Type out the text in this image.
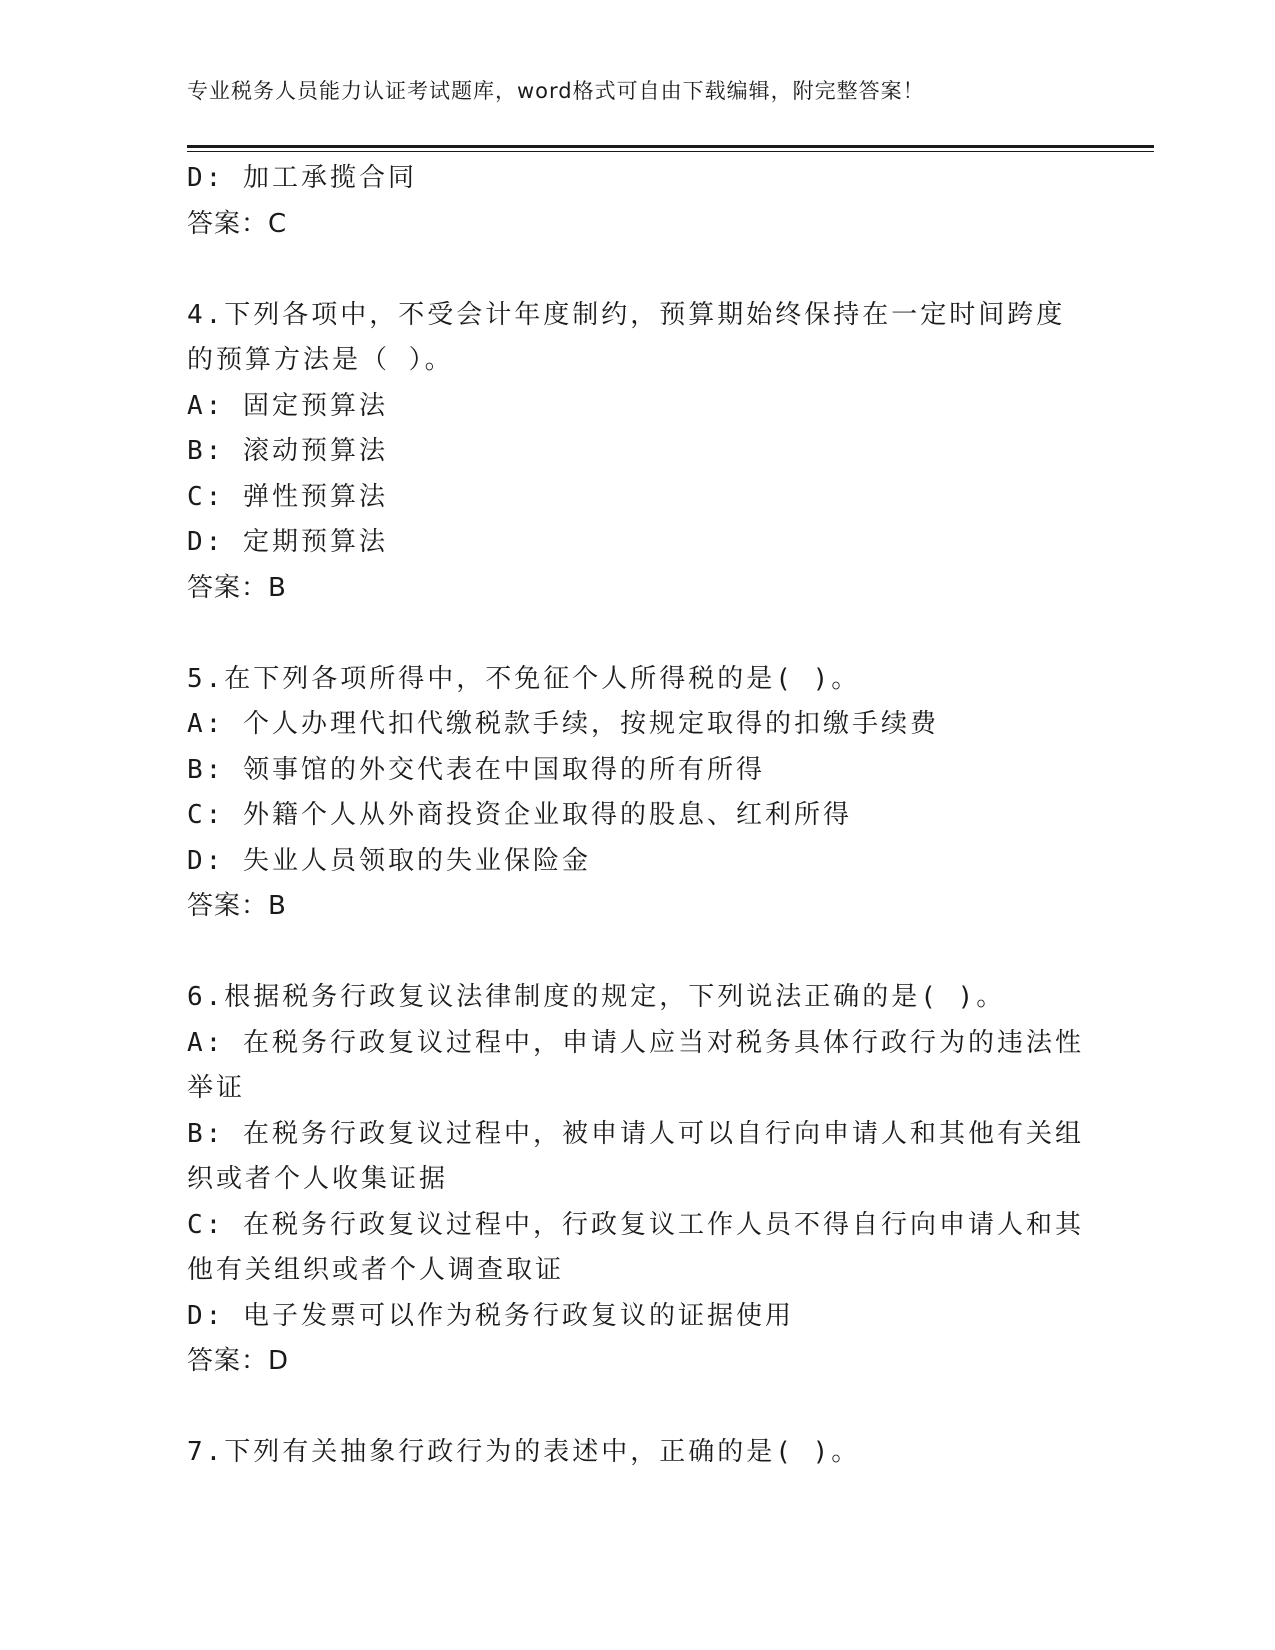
专业税务人员能力认证考试题库，word格式可自由下载编辑，附完整答案！
D: 加工承揽合同
答案：C
4.下列各项中，不受会计年度制约，预算期始终保持在一定时间跨度
的预算方法是（ ）。
A: 固定预算法
B: 滚动预算法
C: 弹性预算法
D: 定期预算法
答案：B
5.在下列各项所得中，不免征个人所得税的是( )。
A: 个人办理代扣代缴税款手续，按规定取得的扣缴手续费
B: 领事馆的外交代表在中国取得的所有所得
C: 外籍个人从外商投资企业取得的股息、红利所得
D: 失业人员领取的失业保险金
答案：B
6.根据税务行政复议法律制度的规定，下列说法正确的是( )。
A: 在税务行政复议过程中，申请人应当对税务具体行政行为的违法性
举证
B: 在税务行政复议过程中，被申请人可以自行向申请人和其他有关组
织或者个人收集证据
C: 在税务行政复议过程中，行政复议工作人员不得自行向申请人和其
他有关组织或者个人调查取证
D: 电子发票可以作为税务行政复议的证据使用
答案：D
7.下列有关抽象行政行为的表述中，正确的是( )。
